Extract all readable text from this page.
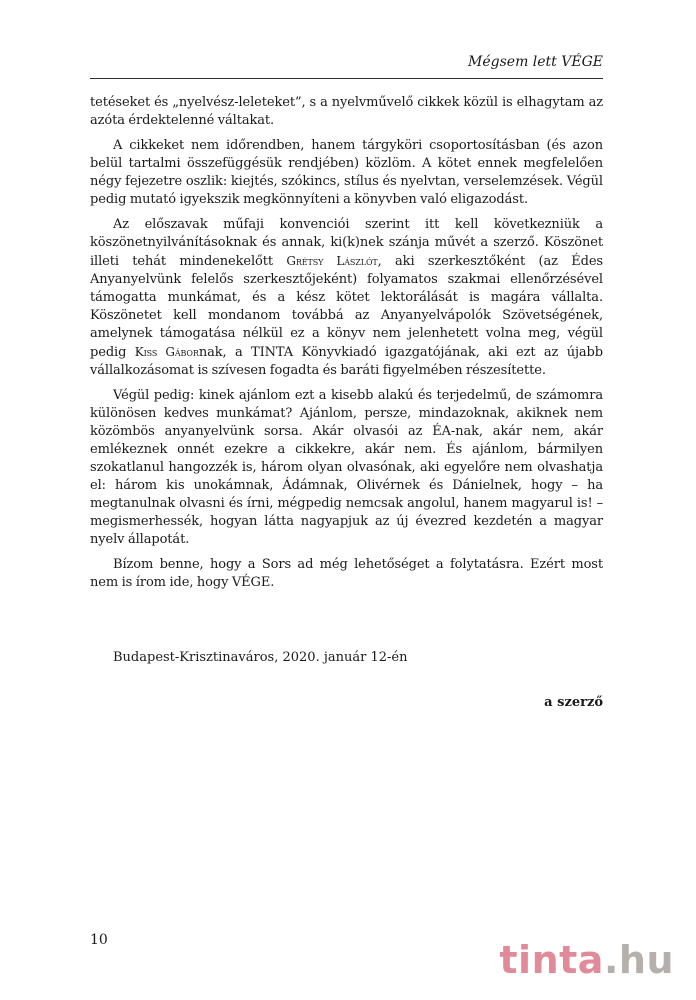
Mégsem lett VÉGE

tetéseket és „nyelvész-leleteket”, s a nyelvművelő cikkek közül is elhagytam az azóta érdektelenné váltakat.

A cikkeket nem időrendben, hanem tárgyköri csoportosításban (és azon belül tartalmi összefüggésük rendjében) közlöm. A kötet ennek megfelelően négy fejezetre oszlik: kiejtés, szókincs, stílus és nyelvtan, verselemzések. Végül pedig mutató igyekszik megkönnyíteni a könyvben való eligazodást.

Az előszavak műfaji konvenciói szerint itt kell következniük a köszönetnyilvánításoknak és annak, ki(k)nek szánja művét a szerző. Köszönet illeti tehát mindenekelőtt Grétsy Lászlót, aki szerkesztőként (az Édes Anyanyelvünk felelős szerkesztőjeként) folyamatos szakmai ellenőrzésével támogatta munkámat, és a kész kötet lektorálását is magára vállalta. Köszönetet kell mondanom továbbá az Anyanyelvápolók Szövetségének, amelynek támogatása nélkül ez a könyv nem jelenhetett volna meg, végül pedig Kiss Gábornak, a TINTA Könyvkiadó igazgatójának, aki ezt az újabb vállalkozásomat is szívesen fogadta és baráti figyelmében részesítette.

Végül pedig: kinek ajánlom ezt a kisebb alakú és terjedelmű, de számomra különösen kedves munkámat? Ajánlom, persze, mindazoknak, akiknek nem közömbös anyanyelvünk sorsa. Akár olvasói az ÉA-nak, akár nem, akár emlékeznek onnét ezekre a cikkekre, akár nem. És ajánlom, bármilyen szokatlanul hangozzék is, három olyan olvasónak, aki egyelőre nem olvashatja el: három kis unokámnak, Ádámnak, Olivérnek és Dánielnek, hogy – ha megtanulnak olvasni és írni, mégpedig nemcsak angolul, hanem magyarul is! – megismerhessék, hogyan látta nagyapjuk az új évezred kezdetén a magyar nyelv állapotát.

Bízom benne, hogy a Sors ad még lehetőséget a folytatásra. Ezért most nem is írom ide, hogy VÉGE.

Budapest-Krisztinaváros, 2020. január 12-én
a szerző
10	tinta.hu
